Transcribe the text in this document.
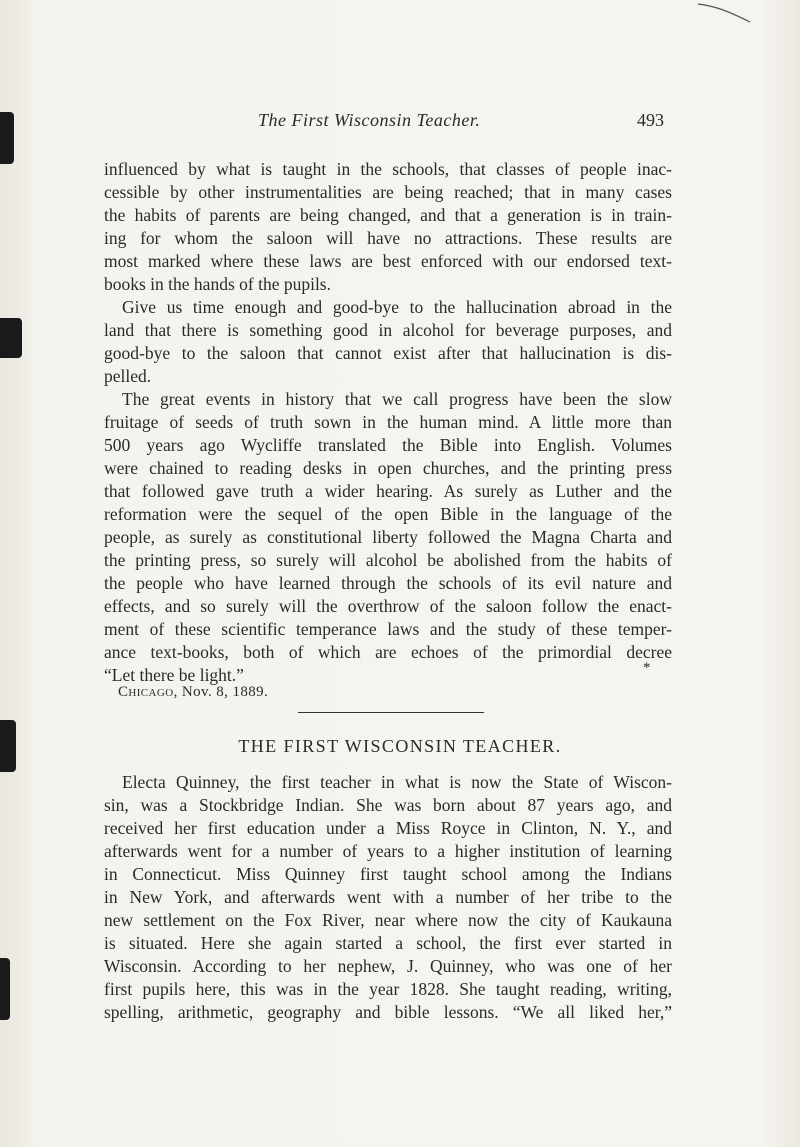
The First Wisconsin Teacher.	493
influenced by what is taught in the schools, that classes of people inac-
cessible by other instrumentalities are being reached; that in many cases
the habits of parents are being changed, and that a generation is in train-
ing for whom the saloon will have no attractions. These results are
most marked where these laws are best enforced with our endorsed text-
books in the hands of the pupils.
Give us time enough and good-bye to the hallucination abroad in the
land that there is something good in alcohol for beverage purposes, and
good-bye to the saloon that cannot exist after that hallucination is dis-
pelled.
The great events in history that we call progress have been the slow
fruitage of seeds of truth sown in the human mind. A little more than
500 years ago Wycliffe translated the Bible into English. Volumes
were chained to reading desks in open churches, and the printing press
that followed gave truth a wider hearing. As surely as Luther and the
reformation were the sequel of the open Bible in the language of the
people, as surely as constitutional liberty followed the Magna Charta and
the printing press, so surely will alcohol be abolished from the habits of
the people who have learned through the schools of its evil nature and
effects, and so surely will the overthrow of the saloon follow the enact-
ment of these scientific temperance laws and the study of these temper-
ance text-books, both of which are echoes of the primordial decree
“Let there be light.”	*
Chicago, Nov. 8, 1889.
THE FIRST WISCONSIN TEACHER.
Electa Quinney, the first teacher in what is now the State of Wiscon-
sin, was a Stockbridge Indian. She was born about 87 years ago, and
received her first education under a Miss Royce in Clinton, N. Y., and
afterwards went for a number of years to a higher institution of learning
in Connecticut. Miss Quinney first taught school among the Indians
in New York, and afterwards went with a number of her tribe to the
new settlement on the Fox River, near where now the city of Kaukauna
is situated. Here she again started a school, the first ever started in
Wisconsin. According to her nephew, J. Quinney, who was one of her
first pupils here, this was in the year 1828. She taught reading, writing,
spelling, arithmetic, geography and bible lessons. “We all liked her,”
